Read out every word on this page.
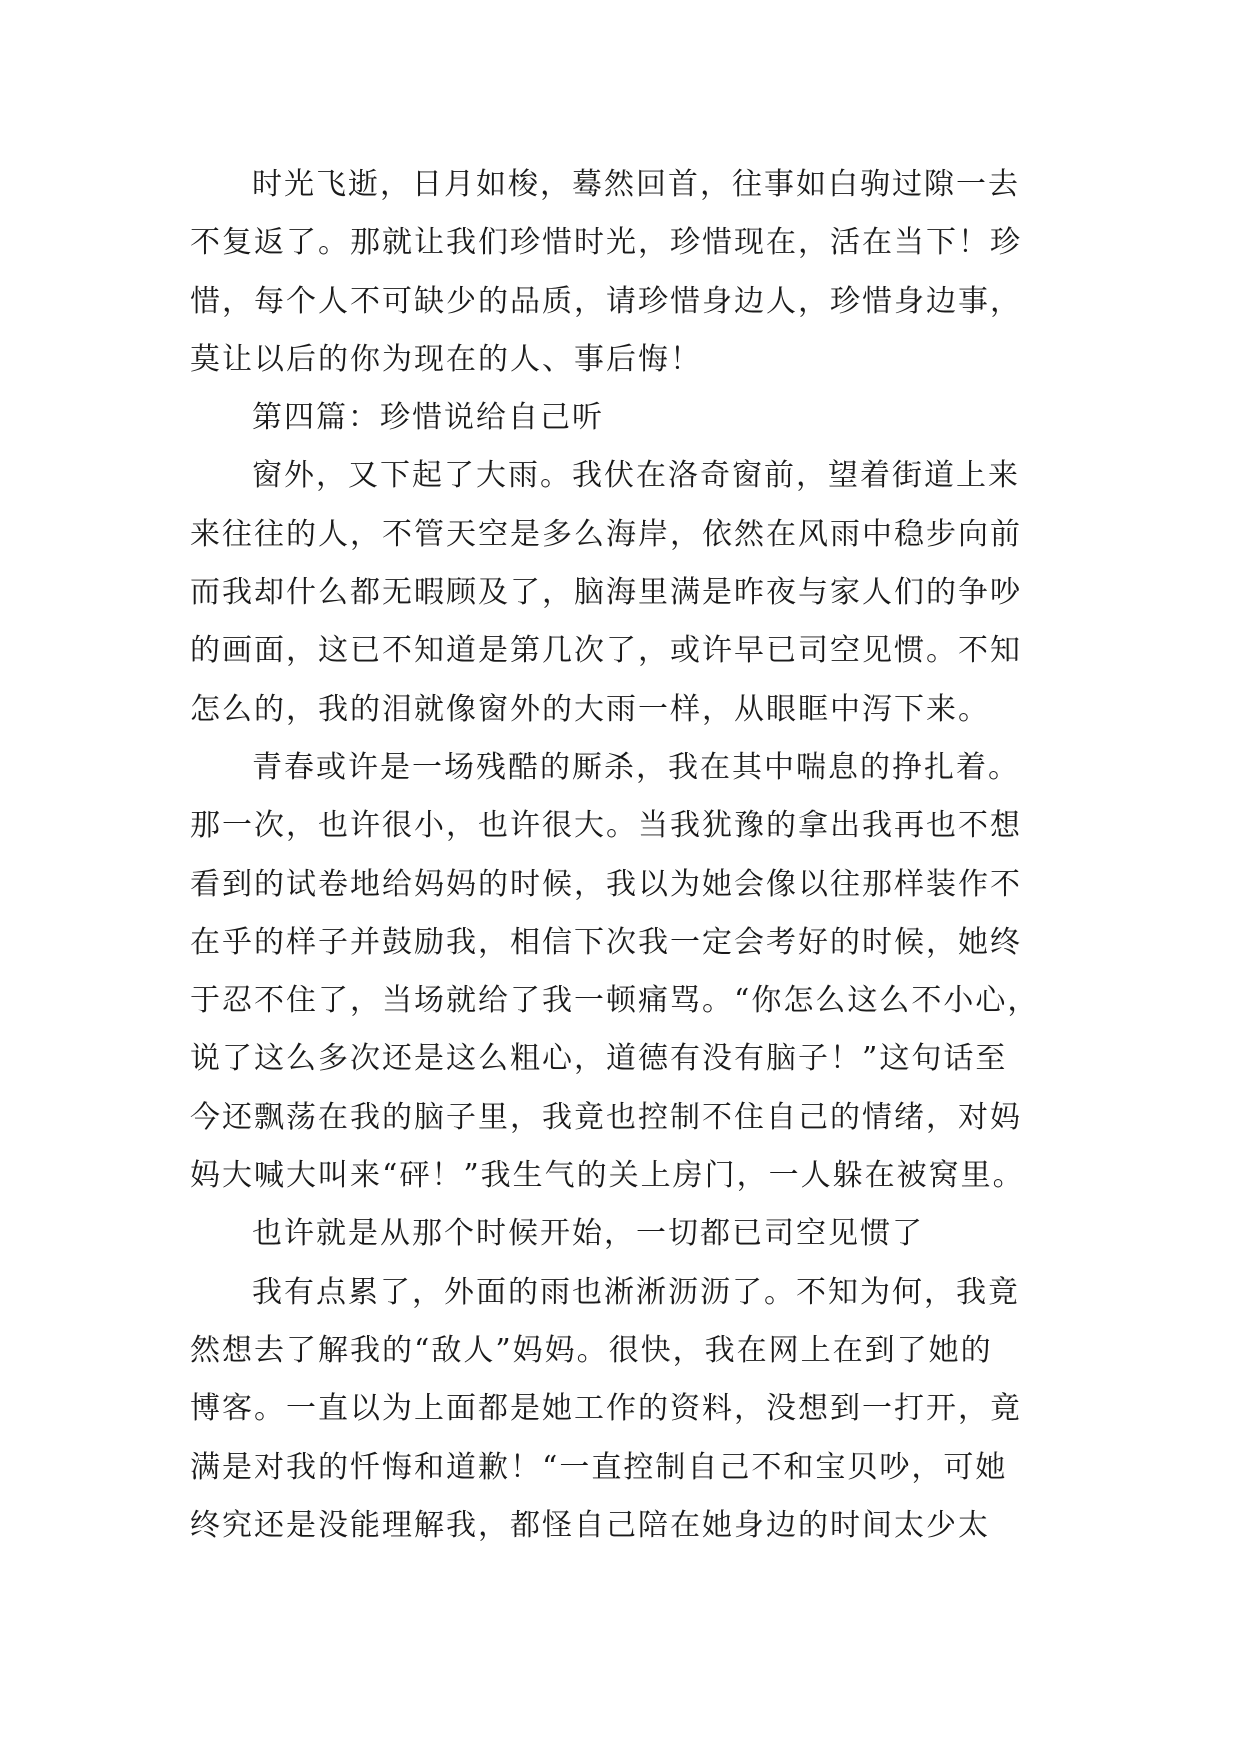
时光飞逝，日月如梭，蓦然回首，往事如白驹过隙一去
不复返了。那就让我们珍惜时光，珍惜现在，活在当下！珍
惜，每个人不可缺少的品质，请珍惜身边人，珍惜身边事，
莫让以后的你为现在的人、事后悔！
第四篇：珍惜说给自己听
窗外，又下起了大雨。我伏在洛奇窗前，望着街道上来
来往往的人，不管天空是多么海岸，依然在风雨中稳步向前
而我却什么都无暇顾及了，脑海里满是昨夜与家人们的争吵
的画面，这已不知道是第几次了，或许早已司空见惯。不知
怎么的，我的泪就像窗外的大雨一样，从眼眶中泻下来。
青春或许是一场残酷的厮杀，我在其中喘息的挣扎着。
那一次，也许很小，也许很大。当我犹豫的拿出我再也不想
看到的试卷地给妈妈的时候，我以为她会像以往那样装作不
在乎的样子并鼓励我，相信下次我一定会考好的时候，她终
于忍不住了，当场就给了我一顿痛骂。“你怎么这么不小心，
说了这么多次还是这么粗心，道德有没有脑子！”这句话至
今还飘荡在我的脑子里，我竟也控制不住自己的情绪，对妈
妈大喊大叫来“砰！”我生气的关上房门，一人躲在被窝里。
也许就是从那个时候开始，一切都已司空见惯了
我有点累了，外面的雨也淅淅沥沥了。不知为何，我竟
然想去了解我的“敌人”妈妈。很快，我在网上在到了她的
博客。一直以为上面都是她工作的资料，没想到一打开，竟
满是对我的忏悔和道歉！“一直控制自己不和宝贝吵，可她
终究还是没能理解我，都怪自己陪在她身边的时间太少太
